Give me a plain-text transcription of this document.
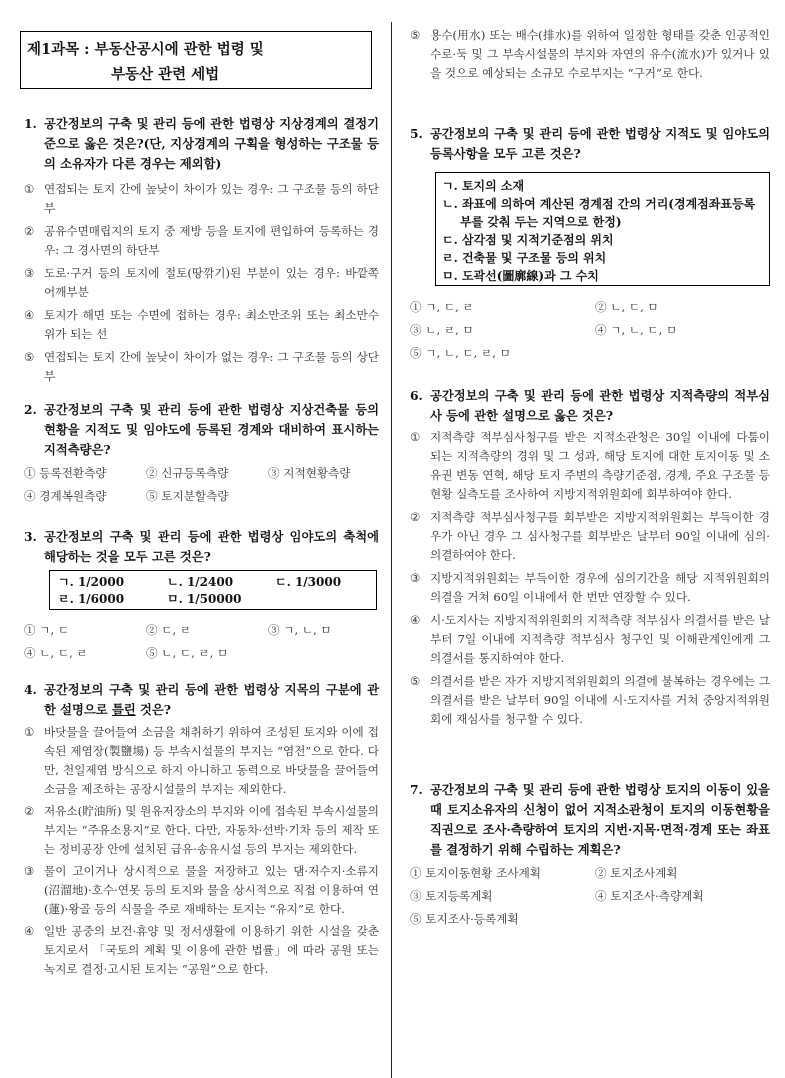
제1과목 : 부동산공시에 관한 법령 및
부동산 관련 세법
1. 공간정보의 구축 및 관리 등에 관한 법령상 지상경계의 결정기준으로 옳은 것은?(단, 지상경계의 구획을 형성하는 구조물 등의 소유자가 다른 경우는 제외함)
① 연접되는 토지 간에 높낮이 차이가 있는 경우: 그 구조물 등의 하단부
② 공유수면매립지의 토지 중 제방 등을 토지에 편입하여 등록하는 경우: 그 경사면의 하단부
③ 도로·구거 등의 토지에 절토(땅깎기)된 부분이 있는 경우: 바깥쪽 어깨부분
④ 토지가 해면 또는 수면에 접하는 경우: 최소만조위 또는 최소만수위가 되는 선
⑤ 연접되는 토지 간에 높낮이 차이가 없는 경우: 그 구조물 등의 상단부
2. 공간정보의 구축 및 관리 등에 관한 법령상 지상건축물 등의 현황을 지적도 및 임야도에 등록된 경계와 대비하여 표시하는 지적측량은?
① 등록전환측량	② 신규등록측량	③ 지적현황측량
④ 경계복원측량	⑤ 토지분할측량
3. 공간정보의 구축 및 관리 등에 관한 법령상 임야도의 축척에 해당하는 것을 모두 고른 것은?
ㄱ. 1/2000	ㄴ. 1/2400	ㄷ. 1/3000
ㄹ. 1/6000	ㅁ. 1/50000
① ㄱ, ㄷ	② ㄷ, ㄹ	③ ㄱ, ㄴ, ㅁ
④ ㄴ, ㄷ, ㄹ	⑤ ㄴ, ㄷ, ㄹ, ㅁ
4. 공간정보의 구축 및 관리 등에 관한 법령상 지목의 구분에 관한 설명으로 틀린 것은?
① 바닷물을 끌어들여 소금을 채취하기 위하여 조성된 토지와 이에 접속된 제염장(製鹽場) 등 부속시설물의 부지는 “염전”으로 한다. 다만, 천일제염 방식으로 하지 아니하고 동력으로 바닷물을 끌어들여 소금을 제조하는 공장시설물의 부지는 제외한다.
② 저유소(貯油所) 및 원유저장소의 부지와 이에 접속된 부속시설물의 부지는 “주유소용지”로 한다. 다만, 자동차·선박·기차 등의 제작 또는 정비공장 안에 설치된 급유·송유시설 등의 부지는 제외한다.
③ 물이 고이거나 상시적으로 물을 저장하고 있는 댐·저수지·소류지(沼溜地)·호수·연못 등의 토지와 물을 상시적으로 직접 이용하여 연(蓮)·왕골 등의 식물을 주로 재배하는 토지는 “유지”로 한다.
④ 일반 공중의 보건·휴양 및 정서생활에 이용하기 위한 시설을 갖춘 토지로서 「국토의 계획 및 이용에 관한 법률」에 따라 공원 또는 녹지로 결정·고시된 토지는 “공원”으로 한다.
⑤ 용수(用水) 또는 배수(排水)를 위하여 일정한 형태를 갖춘 인공적인 수로·둑 및 그 부속시설물의 부지와 자연의 유수(流水)가 있거나 있을 것으로 예상되는 소규모 수로부지는 “구거”로 한다.
5. 공간정보의 구축 및 관리 등에 관한 법령상 지적도 및 임야도의 등록사항을 모두 고른 것은?
ㄱ. 토지의 소재
ㄴ. 좌표에 의하여 계산된 경계점 간의 거리(경계점좌표등록부를 갖춰 두는 지역으로 한정)
ㄷ. 삼각점 및 지적기준점의 위치
ㄹ. 건축물 및 구조물 등의 위치
ㅁ. 도곽선(圖廓線)과 그 수치
① ㄱ, ㄷ, ㄹ	② ㄴ, ㄷ, ㅁ
③ ㄴ, ㄹ, ㅁ	④ ㄱ, ㄴ, ㄷ, ㅁ
⑤ ㄱ, ㄴ, ㄷ, ㄹ, ㅁ
6. 공간정보의 구축 및 관리 등에 관한 법령상 지적측량의 적부심사 등에 관한 설명으로 옳은 것은?
① 지적측량 적부심사청구를 받은 지적소관청은 30일 이내에 다툼이 되는 지적측량의 경위 및 그 성과, 해당 토지에 대한 토지이동 및 소유권 변동 연혁, 해당 토지 주변의 측량기준점, 경계, 주요 구조물 등 현황 실측도를 조사하여 지방지적위원회에 회부하여야 한다.
② 지적측량 적부심사청구를 회부받은 지방지적위원회는 부득이한 경우가 아닌 경우 그 심사청구를 회부받은 날부터 90일 이내에 심의·의결하여야 한다.
③ 지방지적위원회는 부득이한 경우에 심의기간을 해당 지적위원회의 의결을 거쳐 60일 이내에서 한 번만 연장할 수 있다.
④ 시·도지사는 지방지적위원회의 지적측량 적부심사 의결서를 받은 날부터 7일 이내에 지적측량 적부심사 청구인 및 이해관계인에게 그 의결서를 통지하여야 한다.
⑤ 의결서를 받은 자가 지방지적위원회의 의결에 불복하는 경우에는 그 의결서를 받은 날부터 90일 이내에 시·도지사를 거쳐 중앙지적위원회에 재심사를 청구할 수 있다.
7. 공간정보의 구축 및 관리 등에 관한 법령상 토지의 이동이 있을 때 토지소유자의 신청이 없어 지적소관청이 토지의 이동현황을 직권으로 조사·측량하여 토지의 지번·지목·면적·경계 또는 좌표를 결정하기 위해 수립하는 계획은?
① 토지이동현황 조사계획	② 토지조사계획
③ 토지등록계획	④ 토지조사·측량계획
⑤ 토지조사·등록계획
